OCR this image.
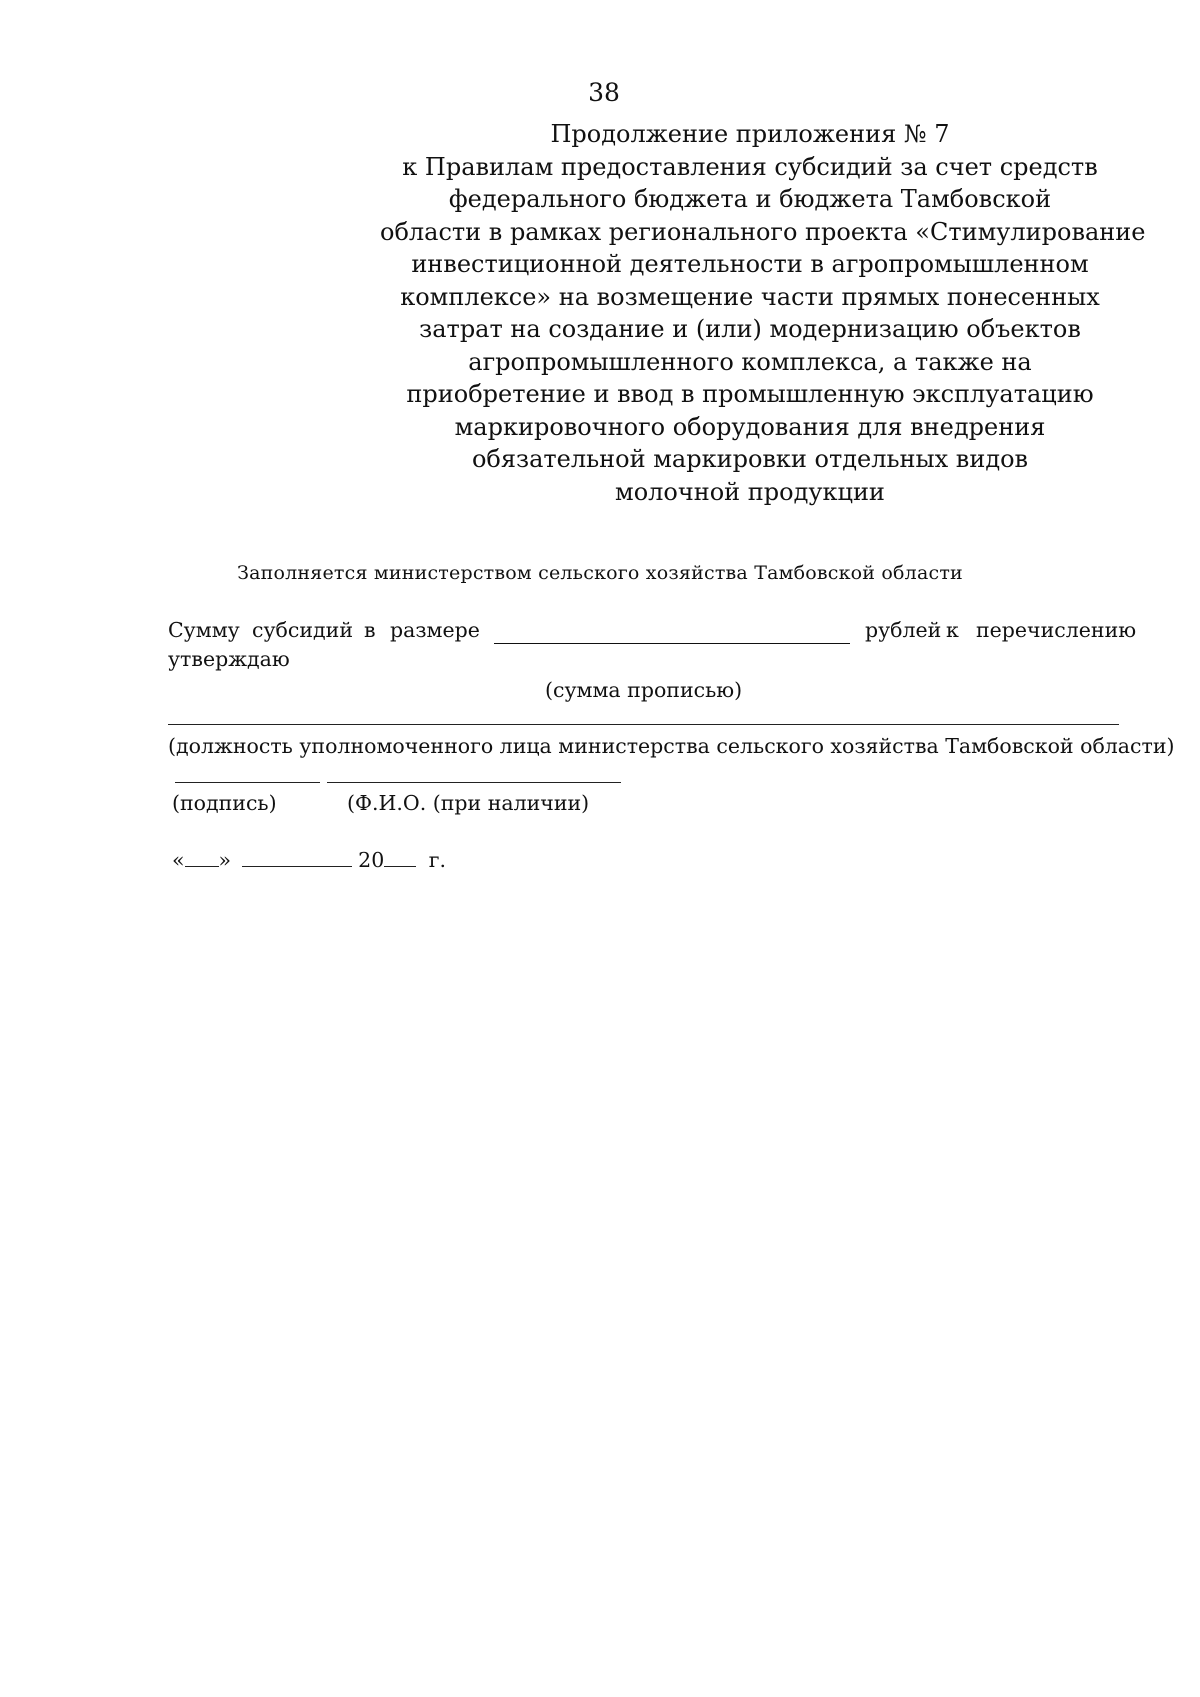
38
Продолжение приложения № 7
к Правилам предоставления субсидий за счет средств
федерального бюджета и бюджета Тамбовской
области в рамках регионального проекта «Стимулирование
инвестиционной деятельности в агропромышленном
комплексе» на возмещение части прямых понесенных
затрат на создание и (или) модернизацию объектов
агропромышленного комплекса, а также на
приобретение и ввод в промышленную эксплуатацию
маркировочного оборудования для внедрения
обязательной маркировки отдельных видов
молочной продукции
Заполняется министерством сельского хозяйства Тамбовской области
Сумму субсидий в размере	рублей к перечислению
утверждаю
(сумма прописью)
(должность уполномоченного лица министерства сельского хозяйства Тамбовской области)
(подпись)	(Ф.И.О. (при наличии)
« »	20 г.
